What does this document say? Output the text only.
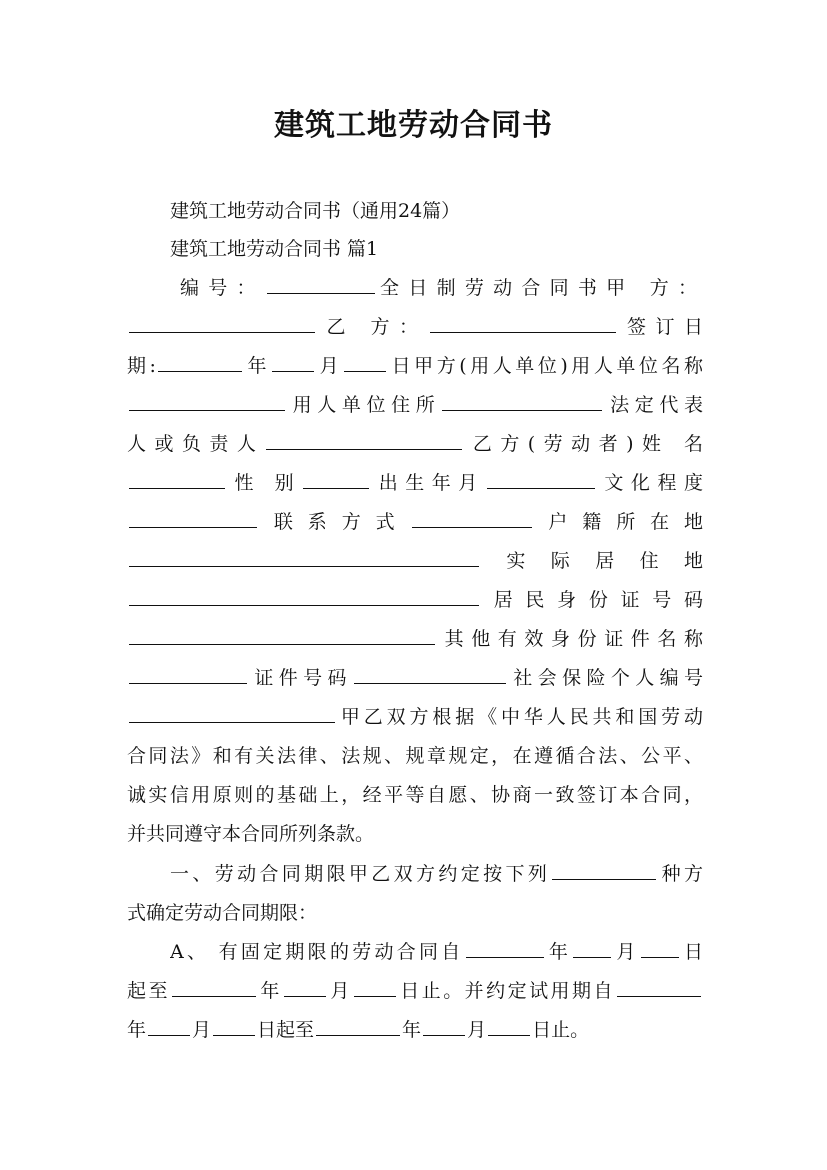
建筑工地劳动合同书
建筑工地劳动合同书（通用24篇）
建筑工地劳动合同书 篇1
编号：	全日制劳动合同书甲 方：
乙 方：	签订日
期:	年 月 日甲方(用人单位)用人单位名称
用人单位住所	法定代表
人或负责人	乙方(劳动者)姓 名
性 别	出生年月	文化程度
联系方式	户籍所在地
实际居住地
居民身份证号码
其他有效身份证件名称
证件号码	社会保险个人编号
甲乙双方根据《中华人民共和国劳动
合同法》和有关法律、法规、规章规定，在遵循合法、公平、
诚实信用原则的基础上，经平等自愿、协商一致签订本合同，
并共同遵守本合同所列条款。
一、劳动合同期限甲乙双方约定按下列	种方
式确定劳动合同期限：
A、 有固定期限的劳动合同自	年 月 日
起至	年 月 日止。并约定试用期自
年 月 日起至	年 月 日止。
